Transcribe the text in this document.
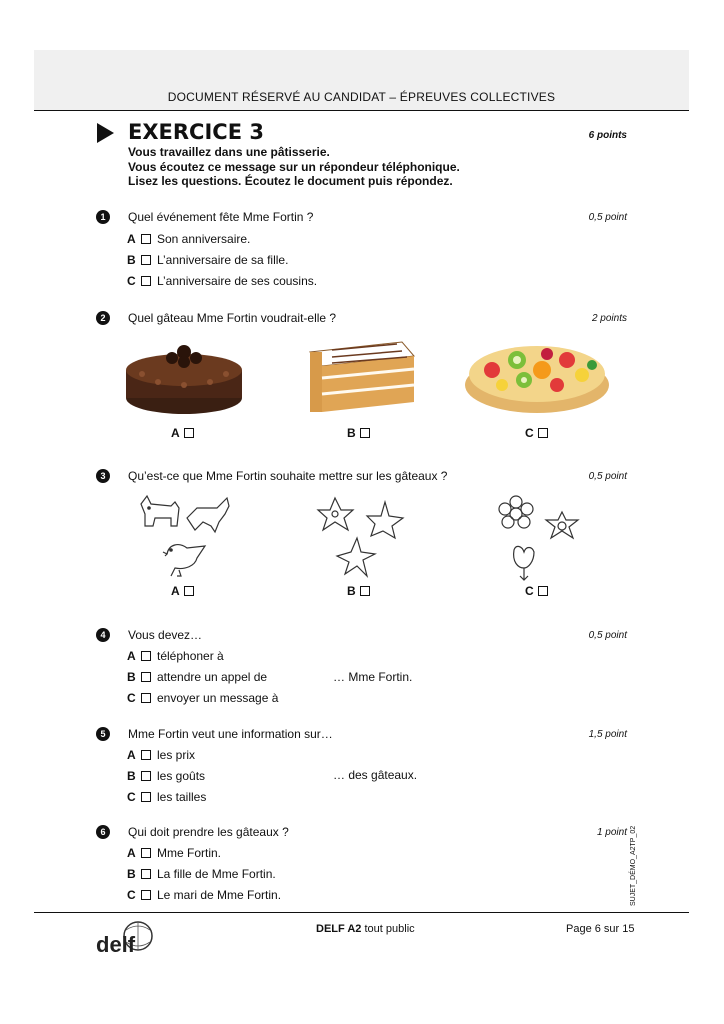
DOCUMENT RÉSERVÉ AU CANDIDAT – ÉPREUVES COLLECTIVES
EXERCICE 3	6 points
Vous travaillez dans une pâtisserie.
Vous écoutez ce message sur un répondeur téléphonique.
Lisez les questions. Écoutez le document puis répondez.
1	Quel événement fête Mme Fortin ?	0,5 point
A Son anniversaire.
B L’anniversaire de sa fille.
C L’anniversaire de ses cousins.
2	Quel gâteau Mme Fortin voudrait-elle ?	2 points
A	B	C
3	Qu’est-ce que Mme Fortin souhaite mettre sur les gâteaux ?	0,5 point
A	B	C
4	Vous devez…	0,5 point
A téléphoner à
B attendre un appel de
C envoyer un message à
… Mme Fortin.
5	Mme Fortin veut une information sur…	1,5 point
A les prix
B les goûts
C les tailles
… des gâteaux.
6	Qui doit prendre les gâteaux ?	1 point
A Mme Fortin.
B La fille de Mme Fortin.
C Le mari de Mme Fortin.	SUJET_DÉMO_A2TP_02
delf
DELF A2 tout public	Page 6 sur 15
